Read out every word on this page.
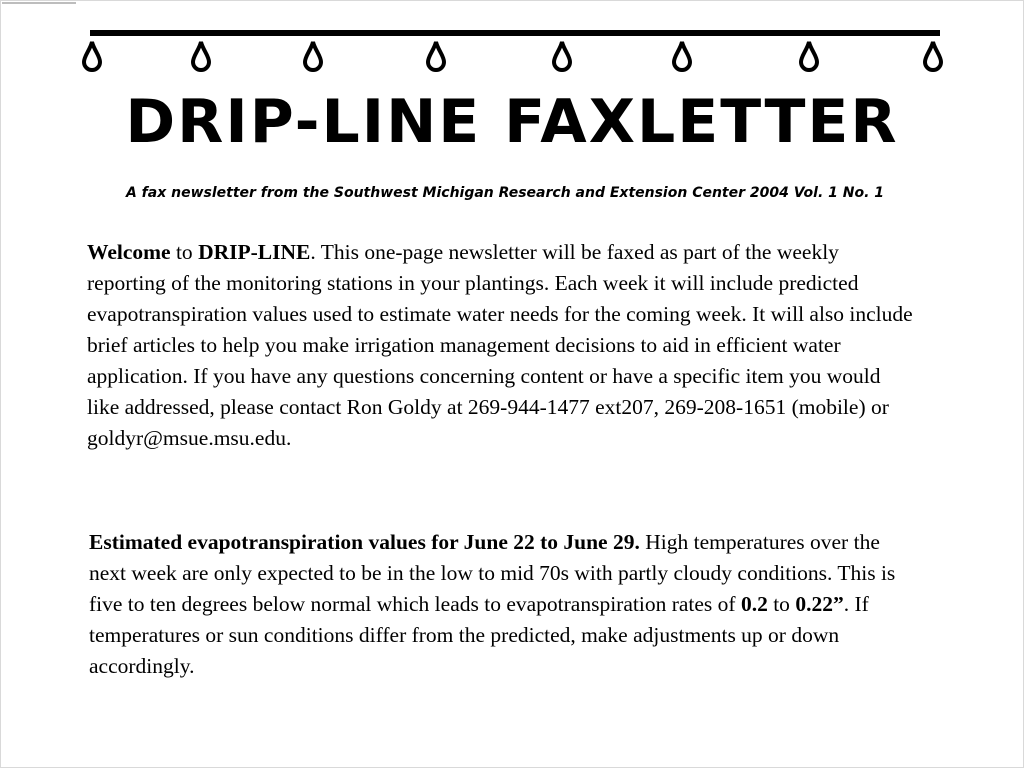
DRIP-LINE FAXLETTER

A fax newsletter from the Southwest Michigan Research and Extension Center 2004 Vol. 1 No. 1

Welcome to DRIP-LINE. This one-page newsletter will be faxed as part of the weekly reporting of the monitoring stations in your plantings. Each week it will include predicted evapotranspiration values used to estimate water needs for the coming week. It will also include brief articles to help you make irrigation management decisions to aid in efficient water application. If you have any questions concerning content or have a specific item you would like addressed, please contact Ron Goldy at 269-944-1477 ext207, 269-208-1651 (mobile) or goldyr@msue.msu.edu.

Estimated evapotranspiration values for June 22 to June 29. High temperatures over the next week are only expected to be in the low to mid 70s with partly cloudy conditions. This is five to ten degrees below normal which leads to evapotranspiration rates of 0.2 to 0.22”. If temperatures or sun conditions differ from the predicted, make adjustments up or down accordingly.
